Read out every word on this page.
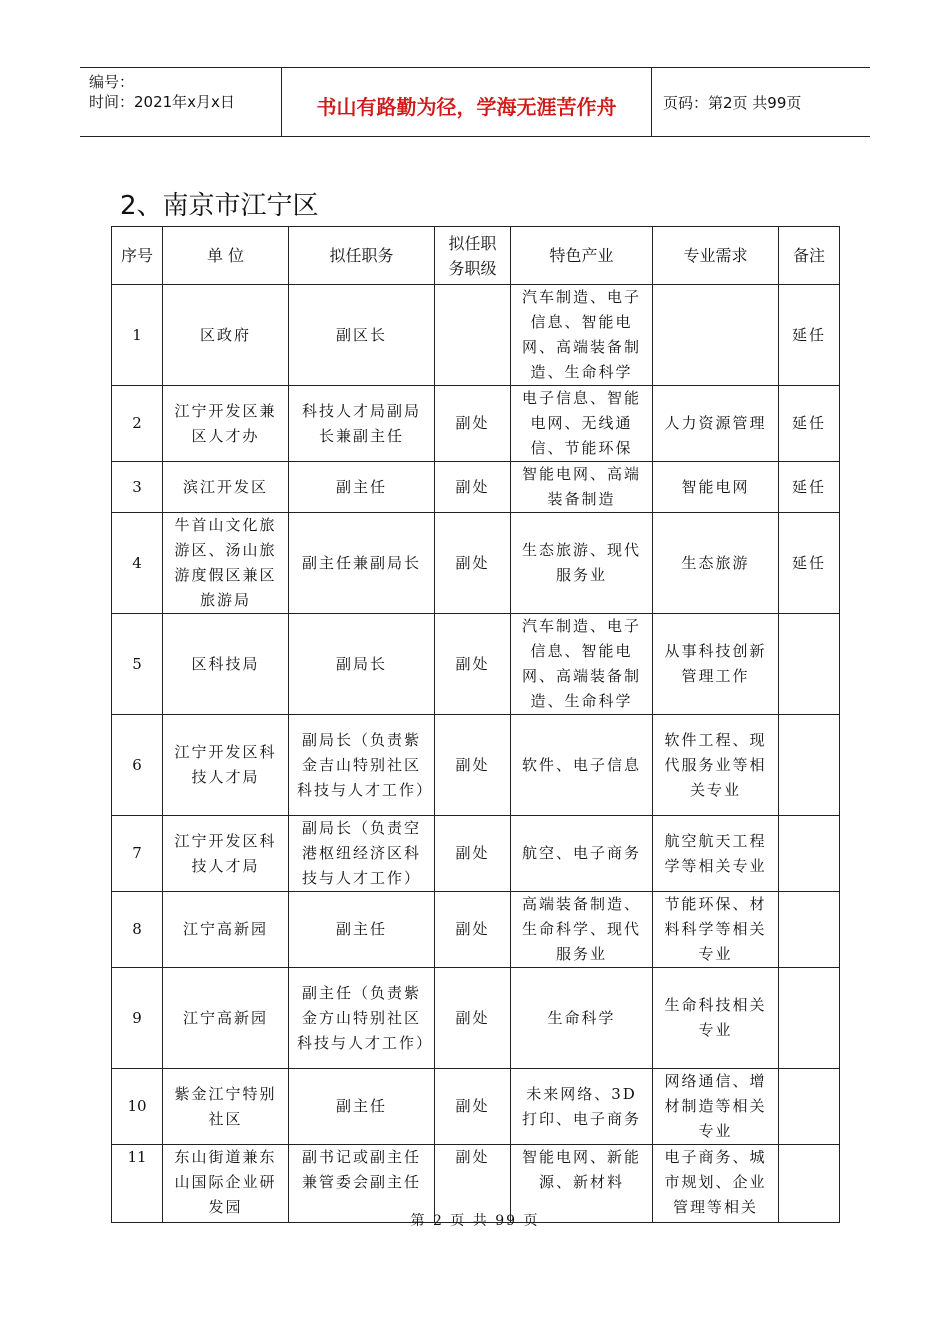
编号：
时间：2021年x月x日	书山有路勤为径，学海无涯苦作舟	页码：第2页 共99页
2、南京市江宁区
序号	单 位	拟任职务	拟任职务职级	特色产业	专业需求	备注
1	区政府	副区长		汽车制造、电子信息、智能电网、高端装备制造、生命科学		延任
2	江宁开发区兼区人才办	科技人才局副局长兼副主任	副处	电子信息、智能电网、无线通信、节能环保	人力资源管理	延任
3	滨江开发区	副主任	副处	智能电网、高端装备制造	智能电网	延任
4	牛首山文化旅游区、汤山旅游度假区兼区旅游局	副主任兼副局长	副处	生态旅游、现代服务业	生态旅游	延任
5	区科技局	副局长	副处	汽车制造、电子信息、智能电网、高端装备制造、生命科学	从事科技创新管理工作	
6	江宁开发区科技人才局	副局长（负责紫金吉山特别社区科技与人才工作）	副处	软件、电子信息	软件工程、现代服务业等相关专业	
7	江宁开发区科技人才局	副局长（负责空港枢纽经济区科技与人才工作）	副处	航空、电子商务	航空航天工程学等相关专业	
8	江宁高新园	副主任	副处	高端装备制造、生命科学、现代服务业	节能环保、材料科学等相关专业	
9	江宁高新园	副主任（负责紫金方山特别社区科技与人才工作）	副处	生命科学	生命科技相关专业	
10	紫金江宁特别社区	副主任	副处	未来网络、3D打印、电子商务	网络通信、增材制造等相关专业	
11	东山街道兼东山国际企业研发园	副书记或副主任兼管委会副主任	副处	智能电网、新能源、新材料	电子商务、城市规划、企业管理等相关	
第 2 页 共 99 页
